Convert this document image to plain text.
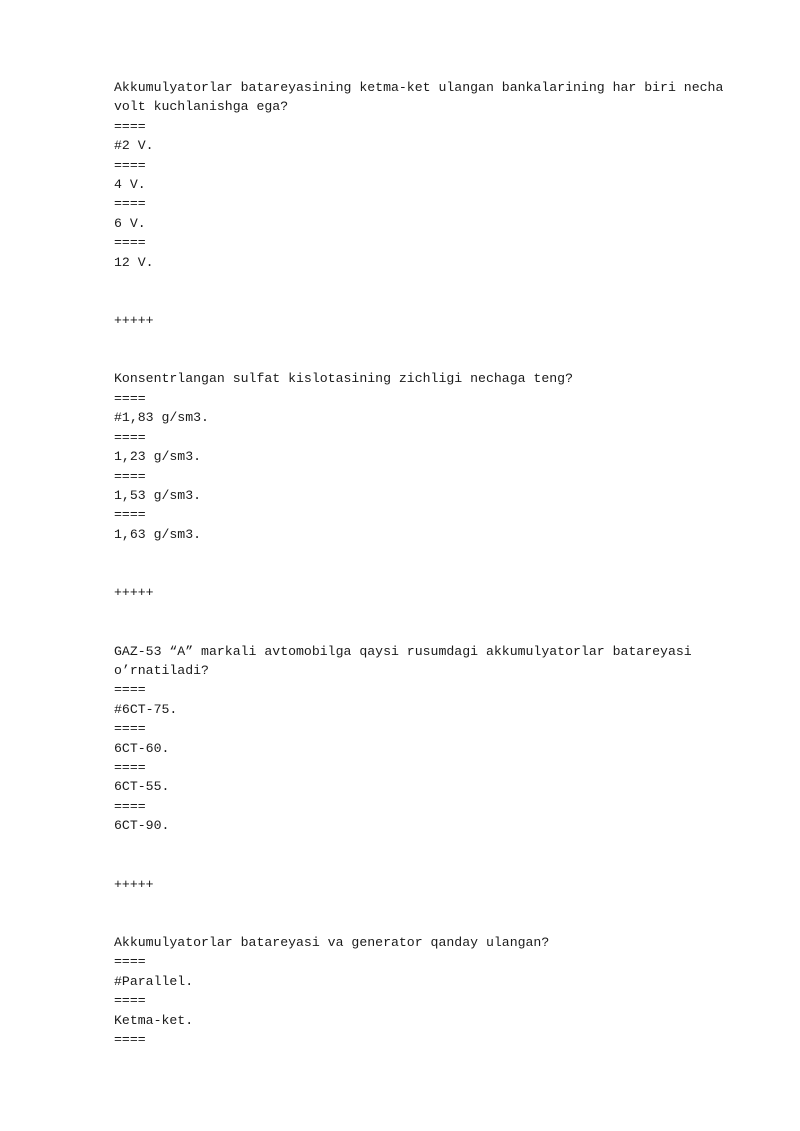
Akkumulyatorlar batareyasining ketma-ket ulangan bankalarining har biri necha volt kuchlanishga ega?
====
#2 V.
====
4 V.
====
6 V.
====
12 V.
+++++
Konsentrlangan sulfat kislotasining zichligi nechaga teng?
====
#1,83 g/sm3.
====
1,23 g/sm3.
====
1,53 g/sm3.
====
1,63 g/sm3.
+++++
GAZ-53 “A” markali avtomobilga qaysi rusumdagi akkumulyatorlar batareyasi o’rnatiladi?
====
#6CT-75.
====
6CT-60.
====
6CT-55.
====
6CT-90.
+++++
Akkumulyatorlar batareyasi va generator qanday ulangan?
====
#Parallel.
====
Ketma-ket.
====
